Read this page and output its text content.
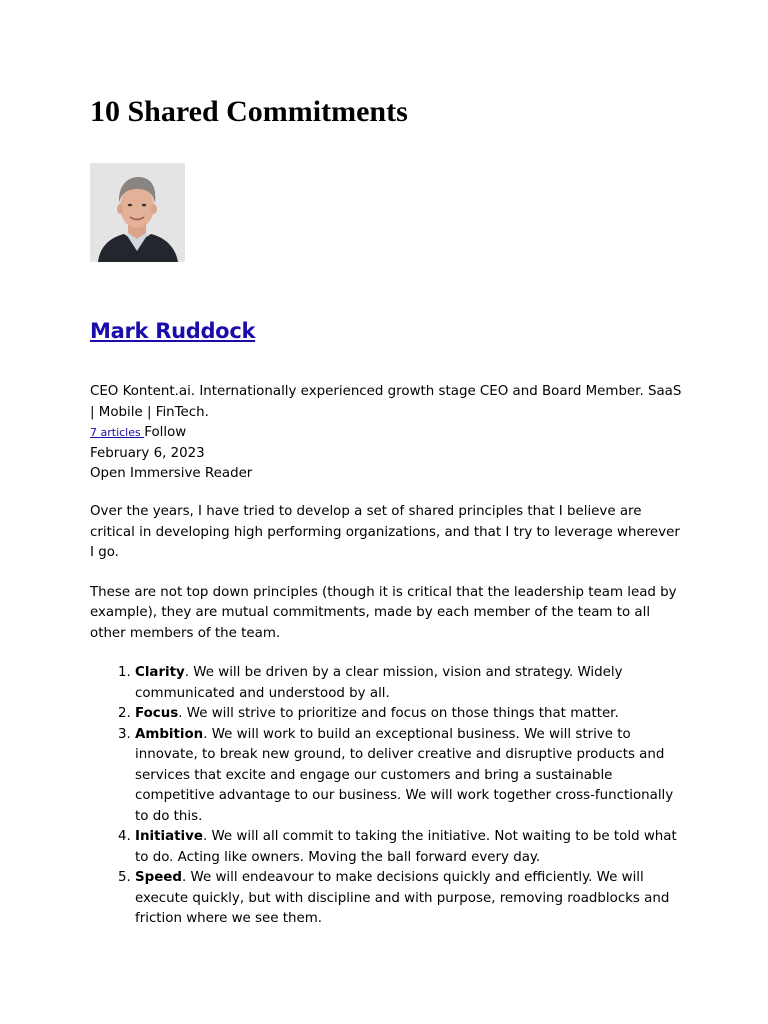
10 Shared Commitments
Mark Ruddock
CEO Kontent.ai. Internationally experienced growth stage CEO and Board Member. SaaS | Mobile | FinTech.
7 articles Follow
February 6, 2023
Open Immersive Reader

Over the years, I have tried to develop a set of shared principles that I believe are critical in developing high performing organizations, and that I try to leverage wherever I go.

These are not top down principles (though it is critical that the leadership team lead by example), they are mutual commitments, made by each member of the team to all other members of the team.

1. Clarity. We will be driven by a clear mission, vision and strategy. Widely communicated and understood by all.
2. Focus. We will strive to prioritize and focus on those things that matter.
3. Ambition. We will work to build an exceptional business. We will strive to innovate, to break new ground, to deliver creative and disruptive products and services that excite and engage our customers and bring a sustainable competitive advantage to our business. We will work together cross-functionally to do this.
4. Initiative. We will all commit to taking the initiative. Not waiting to be told what to do. Acting like owners. Moving the ball forward every day.
5. Speed. We will endeavour to make decisions quickly and efficiently. We will execute quickly, but with discipline and with purpose, removing roadblocks and friction where we see them.
